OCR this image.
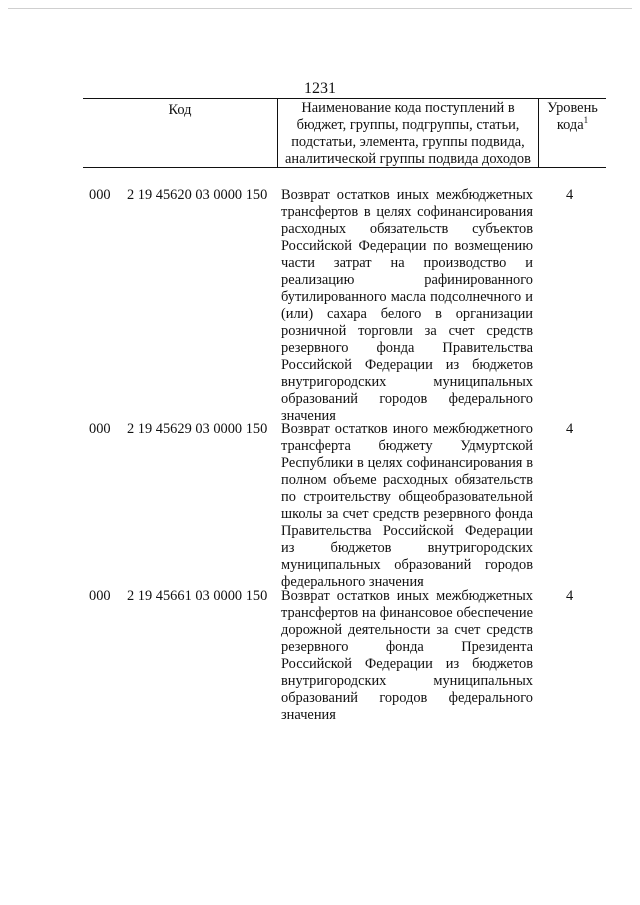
1231
Код	Наименование кода поступлений в бюджет, группы, подгруппы, статьи, подстатьи, элемента, группы подвида, аналитической группы подвида доходов
Уровень кода$^1$
000 2 19 45620 03 0000 150 Возврат остатков иных межбюджетных трансфертов в целях софинансирования расходных обязательств субъектов Российской Федерации по возмещению части затрат на производство и реализацию рафинированного бутилированного масла подсолнечного и (или) сахара белого в организации розничной торговли за счет средств резервного фонда Правительства Российской Федерации из бюджетов внутригородских муниципальных образований городов федерального значения
4
000 2 19 45629 03 0000 150 Возврат остатков иного межбюджетного трансферта бюджету Удмуртской Республики в целях софинансирования в полном объеме расходных обязательств по строительству общеобразовательной школы за счет средств резервного фонда Правительства Российской Федерации из бюджетов внутригородских муниципальных образований городов федерального значения
4
000 2 19 45661 03 0000 150 Возврат остатков иных межбюджетных трансфертов на финансовое обеспечение дорожной деятельности за счет средств резервного фонда Президента Российской Федерации из бюджетов внутригородских муниципальных образований городов федерального значения
4
